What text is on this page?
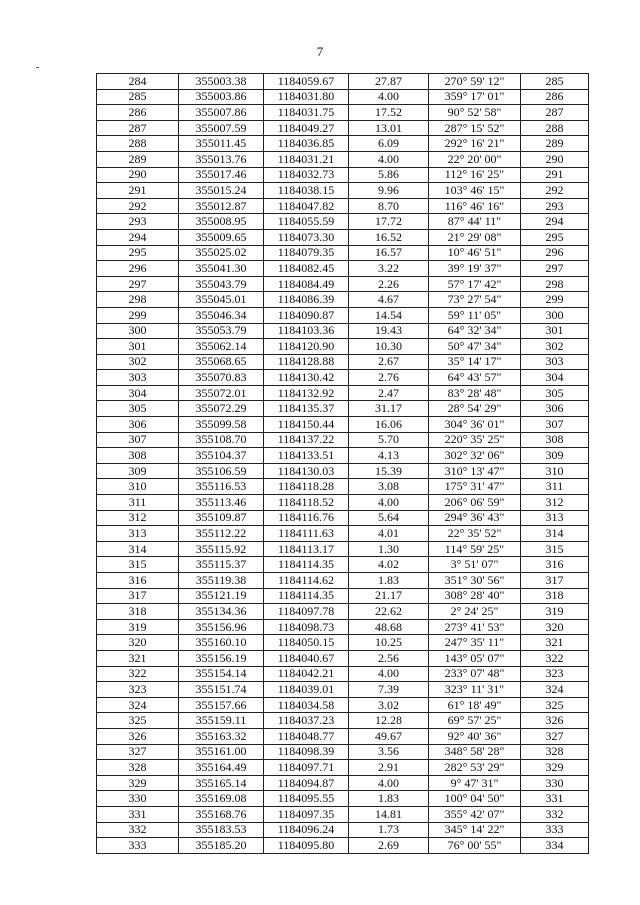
7
284	355003.38	1184059.67	27.87	270° 59' 12"	285
285	355003.86	1184031.80	4.00	359° 17' 01"	286
286	355007.86	1184031.75	17.52	90° 52' 58"	287
287	355007.59	1184049.27	13.01	287° 15' 52"	288
288	355011.45	1184036.85	6.09	292° 16' 21"	289
289	355013.76	1184031.21	4.00	22° 20' 00"	290
290	355017.46	1184032.73	5.86	112° 16' 25"	291
291	355015.24	1184038.15	9.96	103° 46' 15"	292
292	355012.87	1184047.82	8.70	116° 46' 16"	293
293	355008.95	1184055.59	17.72	87° 44' 11"	294
294	355009.65	1184073.30	16.52	21° 29' 08"	295
295	355025.02	1184079.35	16.57	10° 46' 51"	296
296	355041.30	1184082.45	3.22	39° 19' 37"	297
297	355043.79	1184084.49	2.26	57° 17' 42"	298
298	355045.01	1184086.39	4.67	73° 27' 54"	299
299	355046.34	1184090.87	14.54	59° 11' 05"	300
300	355053.79	1184103.36	19.43	64° 32' 34"	301
301	355062.14	1184120.90	10.30	50° 47' 34"	302
302	355068.65	1184128.88	2.67	35° 14' 17"	303
303	355070.83	1184130.42	2.76	64° 43' 57"	304
304	355072.01	1184132.92	2.47	83° 28' 48"	305
305	355072.29	1184135.37	31.17	28° 54' 29"	306
306	355099.58	1184150.44	16.06	304° 36' 01"	307
307	355108.70	1184137.22	5.70	220° 35' 25"	308
308	355104.37	1184133.51	4.13	302° 32' 06"	309
309	355106.59	1184130.03	15.39	310° 13' 47"	310
310	355116.53	1184118.28	3.08	175° 31' 47"	311
311	355113.46	1184118.52	4.00	206° 06' 59"	312
312	355109.87	1184116.76	5.64	294° 36' 43"	313
313	355112.22	1184111.63	4.01	22° 35' 52"	314
314	355115.92	1184113.17	1.30	114° 59' 25"	315
315	355115.37	1184114.35	4.02	3° 51' 07"	316
316	355119.38	1184114.62	1.83	351° 30' 56"	317
317	355121.19	1184114.35	21.17	308° 28' 40"	318
318	355134.36	1184097.78	22.62	2° 24' 25"	319
319	355156.96	1184098.73	48.68	273° 41' 53"	320
320	355160.10	1184050.15	10.25	247° 35' 11"	321
321	355156.19	1184040.67	2.56	143° 05' 07"	322
322	355154.14	1184042.21	4.00	233° 07' 48"	323
323	355151.74	1184039.01	7.39	323° 11' 31"	324
324	355157.66	1184034.58	3.02	61° 18' 49"	325
325	355159.11	1184037.23	12.28	69° 57' 25"	326
326	355163.32	1184048.77	49.67	92° 40' 36"	327
327	355161.00	1184098.39	3.56	348° 58' 28"	328
328	355164.49	1184097.71	2.91	282° 53' 29"	329
329	355165.14	1184094.87	4.00	9° 47' 31"	330
330	355169.08	1184095.55	1.83	100° 04' 50"	331
331	355168.76	1184097.35	14.81	355° 42' 07"	332
332	355183.53	1184096.24	1.73	345° 14' 22"	333
333	355185.20	1184095.80	2.69	76° 00' 55"	334
